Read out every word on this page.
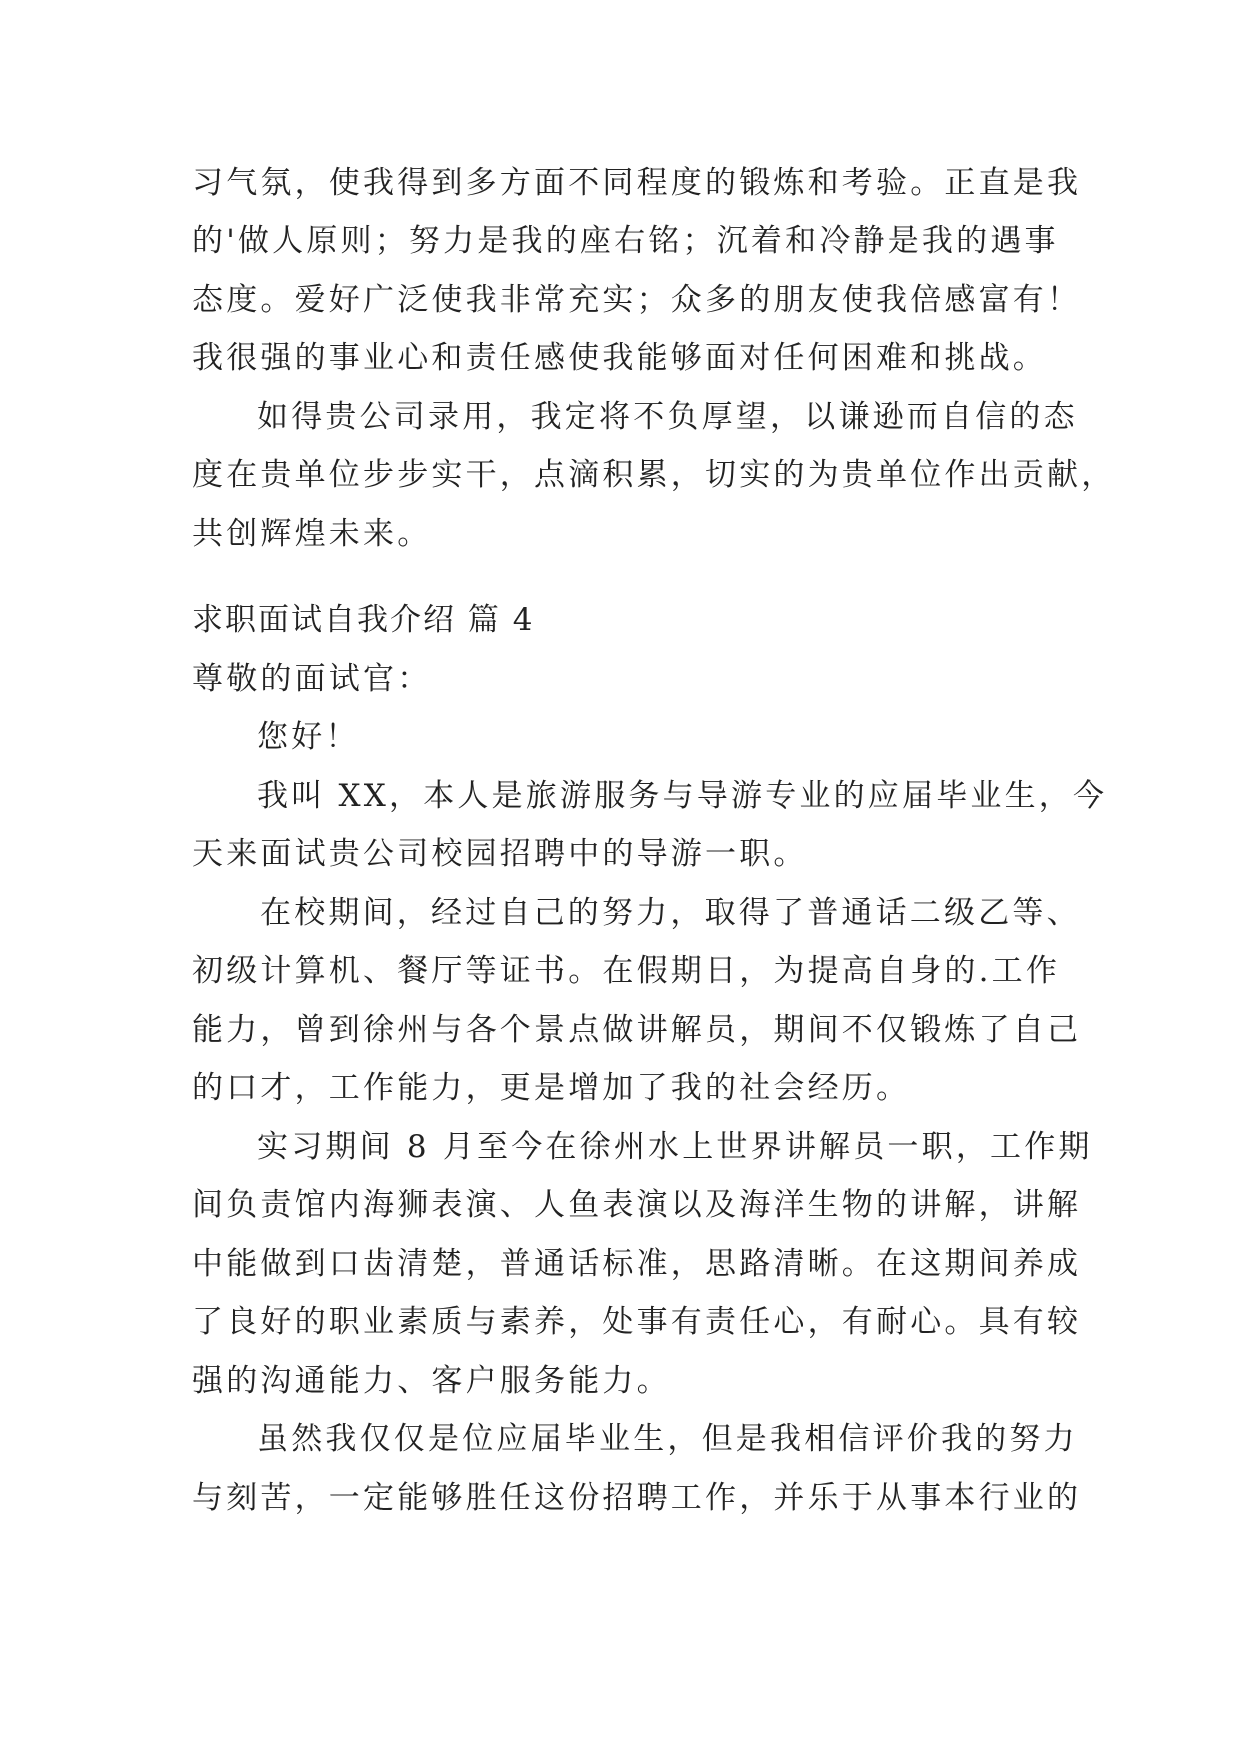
习气氛，使我得到多方面不同程度的锻炼和考验。正直是我
的'做人原则；努力是我的座右铭；沉着和冷静是我的遇事
态度。爱好广泛使我非常充实；众多的朋友使我倍感富有！
我很强的事业心和责任感使我能够面对任何困难和挑战。
如得贵公司录用，我定将不负厚望，以谦逊而自信的态
度在贵单位步步实干，点滴积累，切实的为贵单位作出贡献，
共创辉煌未来。
求职面试自我介绍 篇 4
尊敬的面试官：
您好！
我叫 XX，本人是旅游服务与导游专业的应届毕业生，今
天来面试贵公司校园招聘中的导游一职。
在校期间，经过自己的努力，取得了普通话二级乙等、
初级计算机、餐厅等证书。在假期日，为提高自身的.工作
能力，曾到徐州与各个景点做讲解员，期间不仅锻炼了自己
的口才，工作能力，更是增加了我的社会经历。
实习期间 8 月至今在徐州水上世界讲解员一职，工作期
间负责馆内海狮表演、人鱼表演以及海洋生物的讲解，讲解
中能做到口齿清楚，普通话标准，思路清晰。在这期间养成
了良好的职业素质与素养，处事有责任心，有耐心。具有较
强的沟通能力、客户服务能力。
虽然我仅仅是位应届毕业生，但是我相信评价我的努力
与刻苦，一定能够胜任这份招聘工作，并乐于从事本行业的
